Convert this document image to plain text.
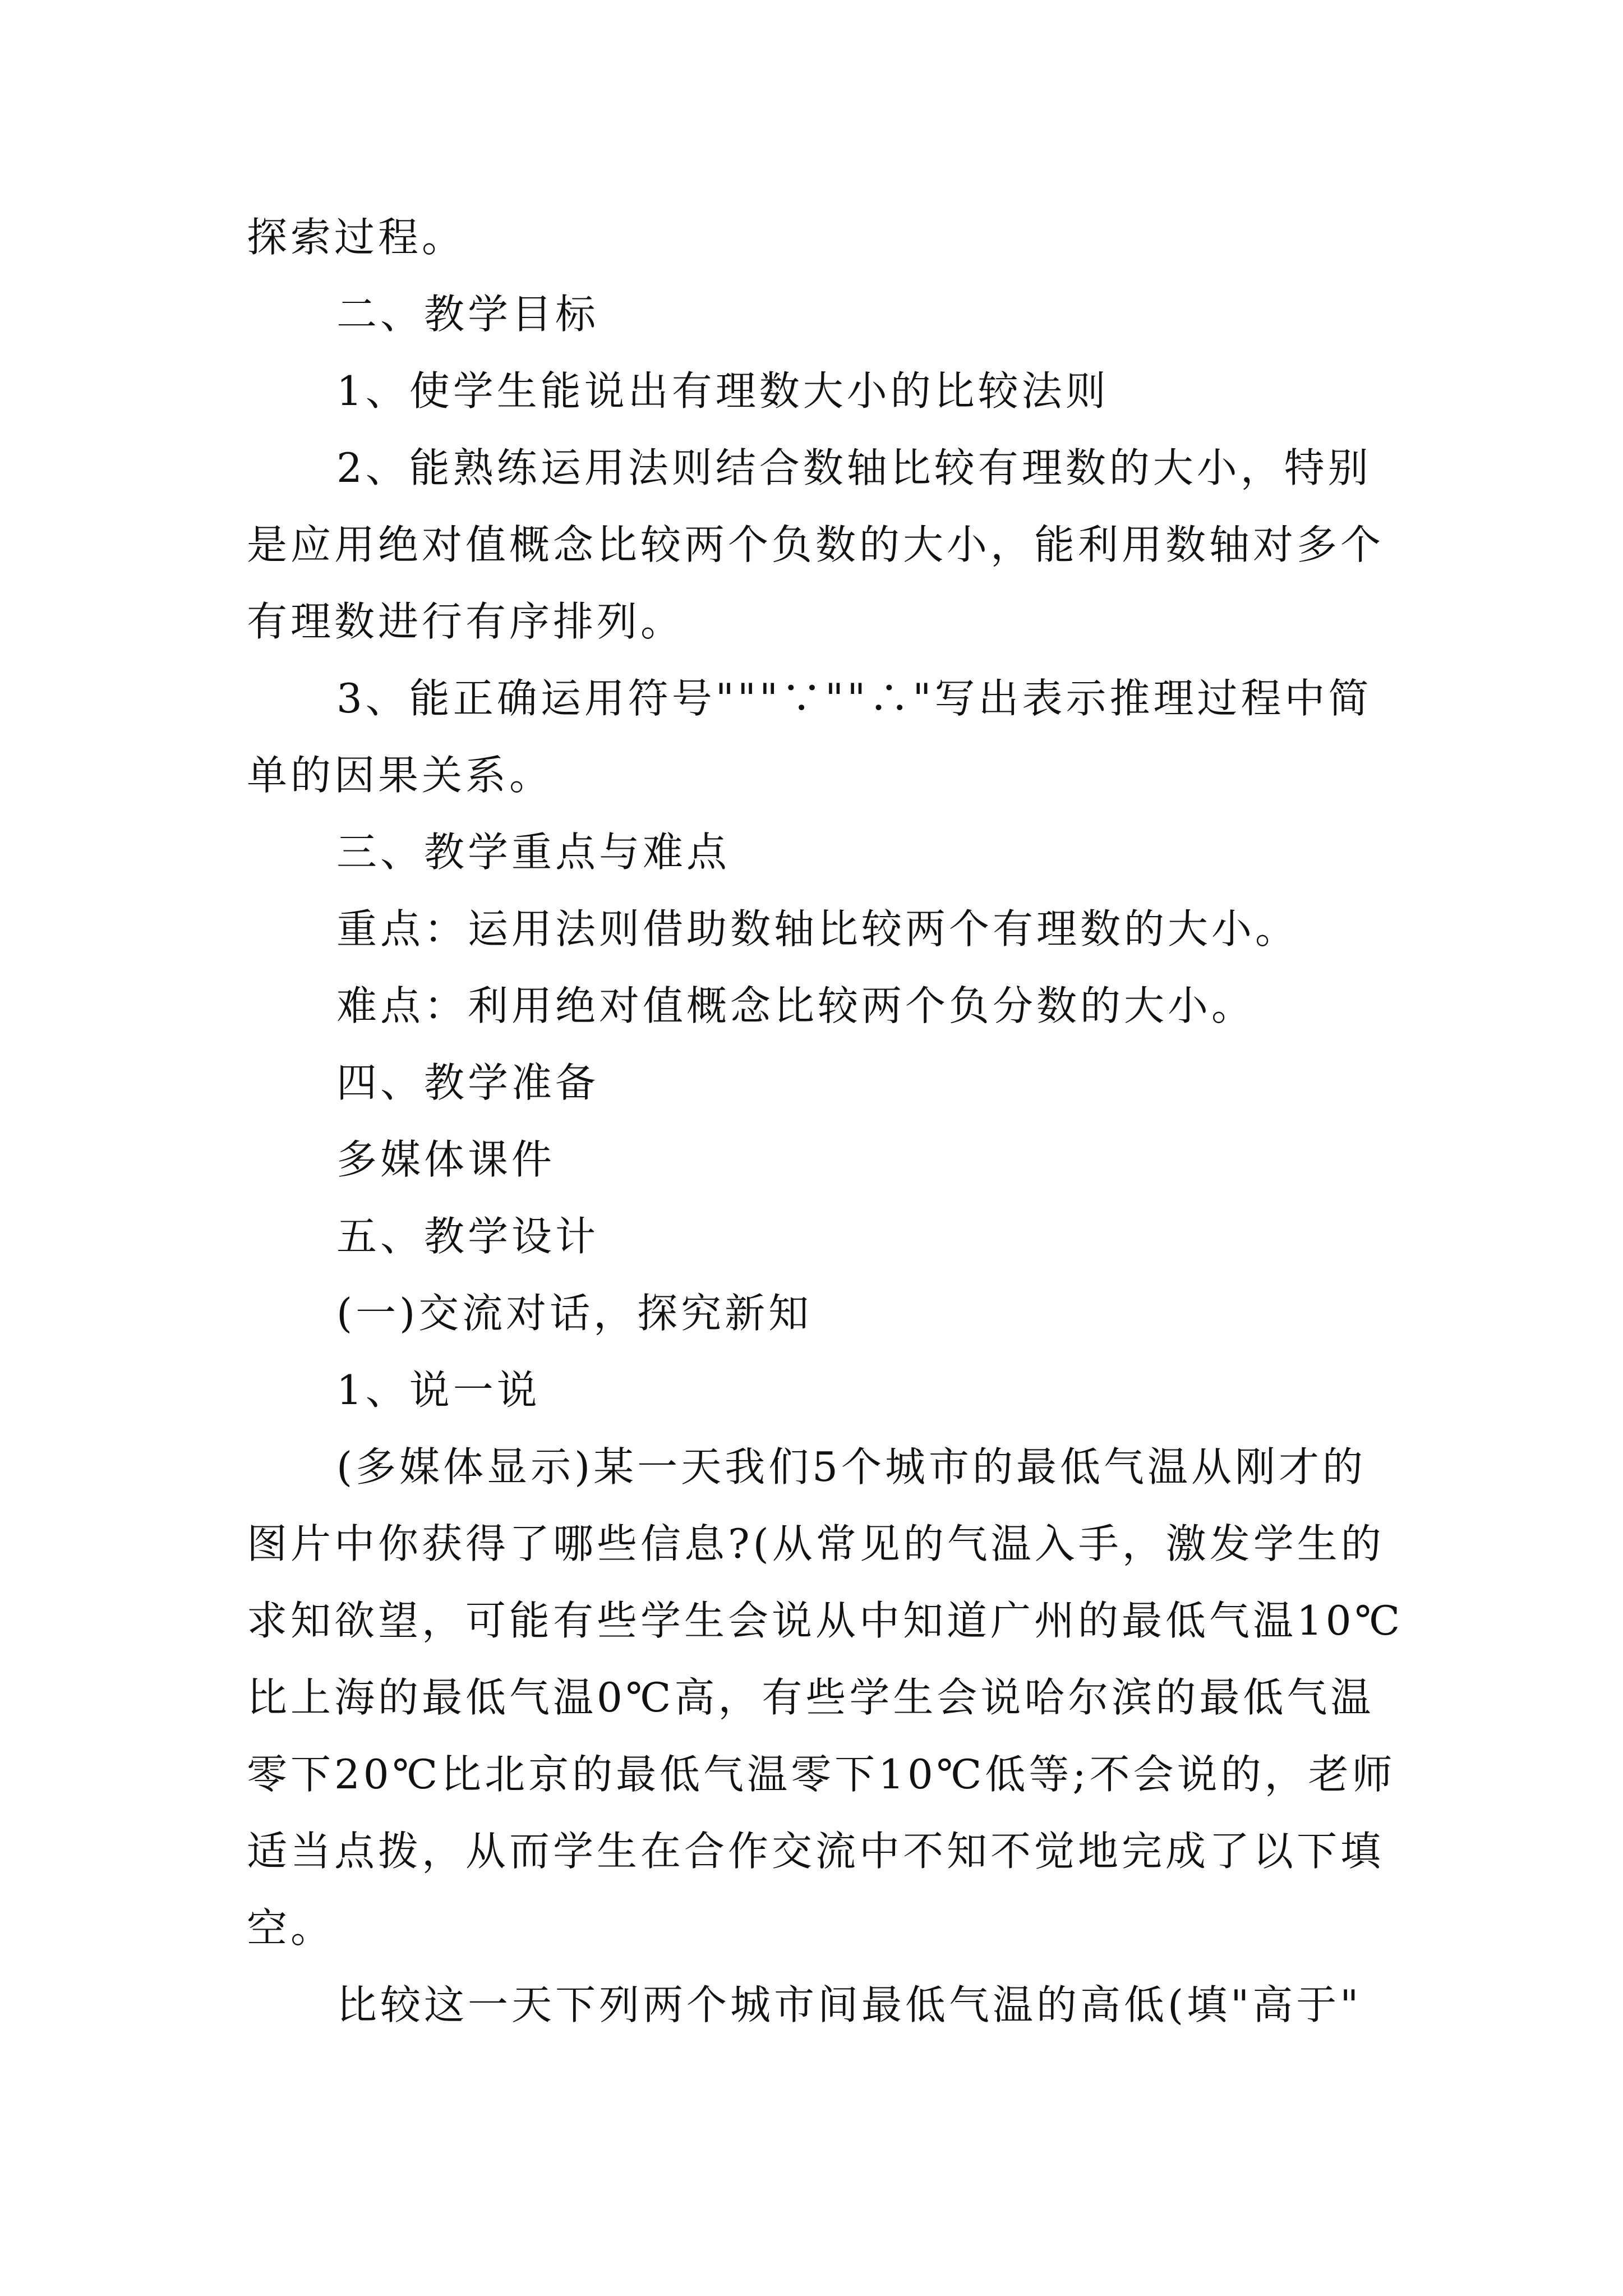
探索过程。
二、教学目标
1、使学生能说出有理数大小的比较法则
2、能熟练运用法则结合数轴比较有理数的大小，特别
是应用绝对值概念比较两个负数的大小，能利用数轴对多个
有理数进行有序排列。
3、能正确运用符号"""∵""∴"写出表示推理过程中简
单的因果关系。
三、教学重点与难点
重点：运用法则借助数轴比较两个有理数的大小。
难点：利用绝对值概念比较两个负分数的大小。
四、教学准备
多媒体课件
五、教学设计
(一)交流对话，探究新知
1、说一说
(多媒体显示)某一天我们5个城市的最低气温从刚才的
图片中你获得了哪些信息?(从常见的气温入手，激发学生的
求知欲望，可能有些学生会说从中知道广州的最低气温10℃
比上海的最低气温0℃高，有些学生会说哈尔滨的最低气温
零下20℃比北京的最低气温零下10℃低等;不会说的，老师
适当点拨，从而学生在合作交流中不知不觉地完成了以下填
空。
比较这一天下列两个城市间最低气温的高低(填"高于"
